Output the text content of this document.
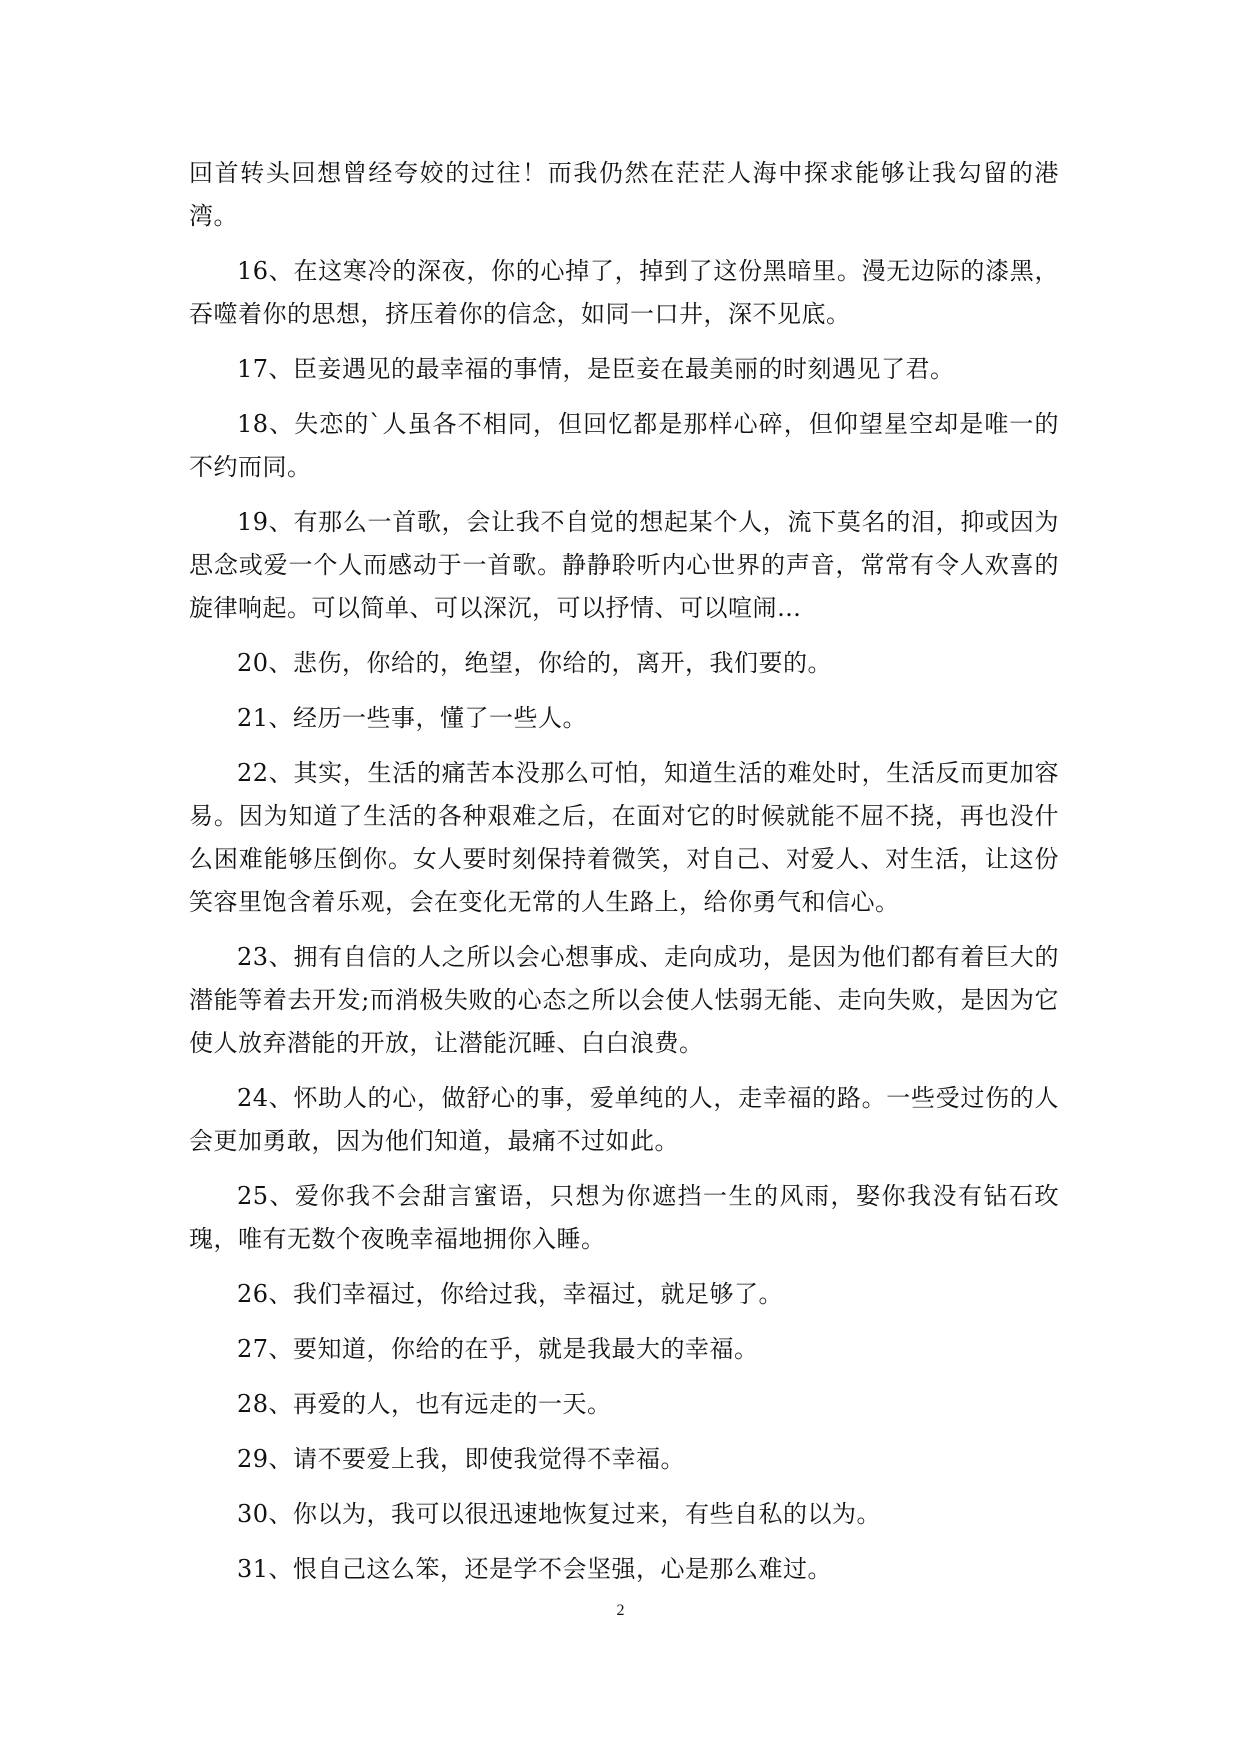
回首转头回想曾经夸姣的过往！而我仍然在茫茫人海中探求能够让我勾留的港湾。

16、在这寒冷的深夜，你的心掉了，掉到了这份黑暗里。漫无边际的漆黑，吞噬着你的思想，挤压着你的信念，如同一口井，深不见底。

17、臣妾遇见的最幸福的事情，是臣妾在最美丽的时刻遇见了君。

18、失恋的`人虽各不相同，但回忆都是那样心碎，但仰望星空却是唯一的不约而同。

19、有那么一首歌，会让我不自觉的想起某个人，流下莫名的泪，抑或因为思念或爱一个人而感动于一首歌。静静聆听内心世界的声音，常常有令人欢喜的旋律响起。可以简单、可以深沉，可以抒情、可以喧闹…

20、悲伤，你给的，绝望，你给的，离开，我们要的。

21、经历一些事，懂了一些人。

22、其实，生活的痛苦本没那么可怕，知道生活的难处时，生活反而更加容易。因为知道了生活的各种艰难之后，在面对它的时候就能不屈不挠，再也没什么困难能够压倒你。女人要时刻保持着微笑，对自己、对爱人、对生活，让这份笑容里饱含着乐观，会在变化无常的人生路上，给你勇气和信心。

23、拥有自信的人之所以会心想事成、走向成功，是因为他们都有着巨大的潜能等着去开发;而消极失败的心态之所以会使人怯弱无能、走向失败，是因为它使人放弃潜能的开放，让潜能沉睡、白白浪费。

24、怀助人的心，做舒心的事，爱单纯的人，走幸福的路。一些受过伤的人会更加勇敢，因为他们知道，最痛不过如此。

25、爱你我不会甜言蜜语，只想为你遮挡一生的风雨，娶你我没有钻石玫瑰，唯有无数个夜晚幸福地拥你入睡。

26、我们幸福过，你给过我，幸福过，就足够了。

27、要知道，你给的在乎，就是我最大的幸福。

28、再爱的人，也有远走的一天。

29、请不要爱上我，即使我觉得不幸福。

30、你以为，我可以很迅速地恢复过来，有些自私的以为。

31、恨自己这么笨，还是学不会坚强，心是那么难过。

2
